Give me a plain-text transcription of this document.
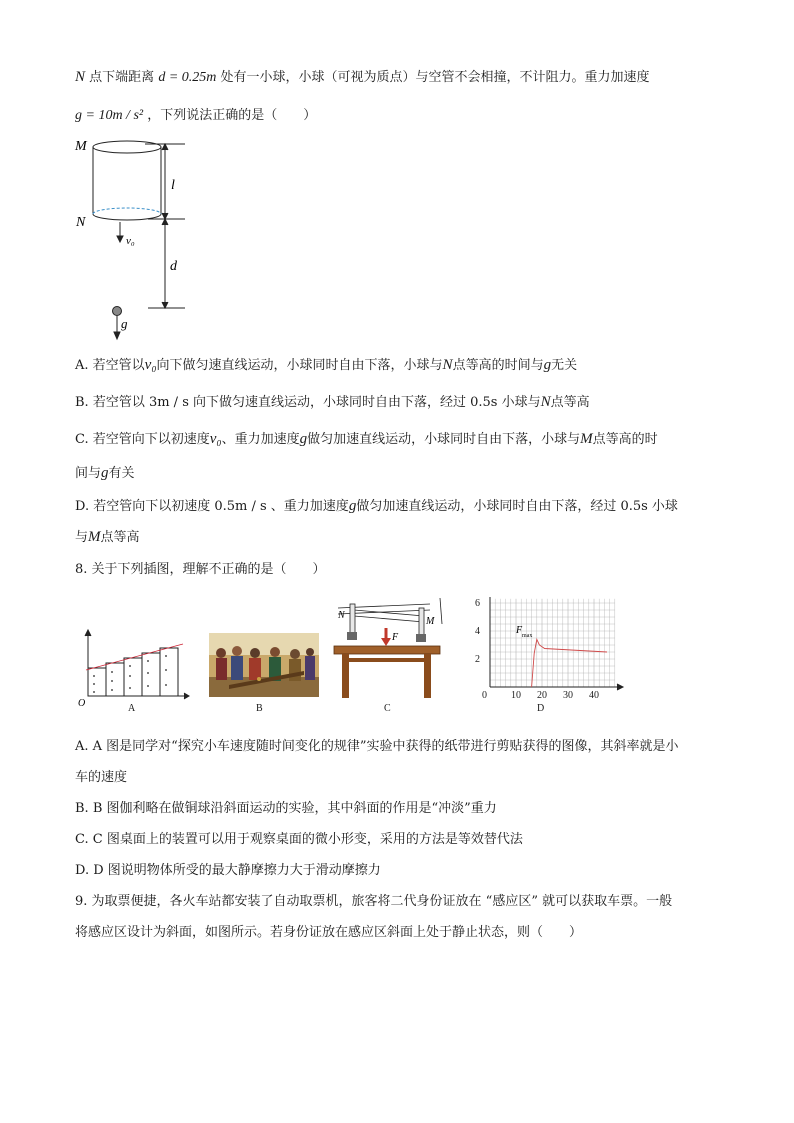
N 点下端距离 d = 0.25m 处有一小球，小球（可视为质点）与空管不会相撞，不计阻力。重力加速度
g = 10m / s² ，下列说法正确的是（　　）
M
N
l
d
v₀
g
A. 若空管以v₀向下做匀速直线运动，小球同时自由下落，小球与N点等高的时间与g无关
B. 若空管以 3m / s 向下做匀速直线运动，小球同时自由下落，经过 0.5s 小球与N点等高
C. 若空管向下以初速度v₀、重力加速度g做匀加速直线运动，小球同时自由下落，小球与M点等高的时
间与g有关
D. 若空管向下以初速度 0.5m / s 、重力加速度g做匀加速直线运动，小球同时自由下落，经过 0.5s 小球
与M点等高
8. 关于下列插图，理解不正确的是（　　）
O	A	B
N
M
F
C
2
4
6
0 10 20 30 40
F max
D
A. A 图是同学对“探究小车速度随时间变化的规律”实验中获得的纸带进行剪贴获得的图像，其斜率就是小
车的速度
B. B 图伽利略在做铜球沿斜面运动的实验，其中斜面的作用是“冲淡”重力
C. C 图桌面上的装置可以用于观察桌面的微小形变，采用的方法是等效替代法
D. D 图说明物体所受的最大静摩擦力大于滑动摩擦力
9. 为取票便捷，各火车站都安装了自动取票机，旅客将二代身份证放在 “感应区” 就可以获取车票。一般
将感应区设计为斜面，如图所示。若身份证放在感应区斜面上处于静止状态，则（　　）
